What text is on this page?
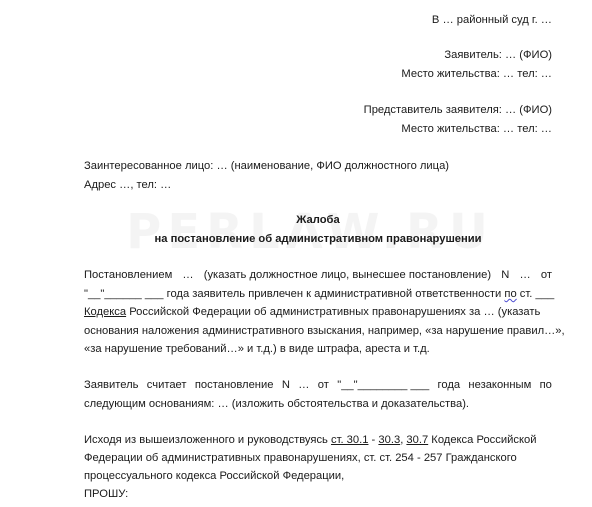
В … районный суд г. …
Заявитель: … (ФИО)
Место жительства: … тел: …
Представитель заявителя: … (ФИО)
Место жительства: … тел: …
Заинтересованное лицо: … (наименование, ФИО должностного лица)
Адрес …, тел: …
Жалоба
на постановление об административном правонарушении
Постановлением … (указать должностное лицо, вынесшее постановление) N … от
"__"______ ___ года заявитель привлечен к административной ответственности по ст. ___
Кодекса Российской Федерации об административных правонарушениях за … (указать
основания наложения административного взыскания, например, «за нарушение правил…»,
«за нарушение требований…» и т.д.) в виде штрафа, ареста и т.д.
Заявитель считает постановление N … от "__"________ ___ года незаконным по
следующим основаниям: … (изложить обстоятельства и доказательства).
Исходя из вышеизложенного и руководствуясь ст. 30.1 - 30.3, 30.7 Кодекса Российской
Федерации об административных правонарушениях, ст. ст. 254 - 257 Гражданского
процессуального кодекса Российской Федерации,
ПРОШУ:
